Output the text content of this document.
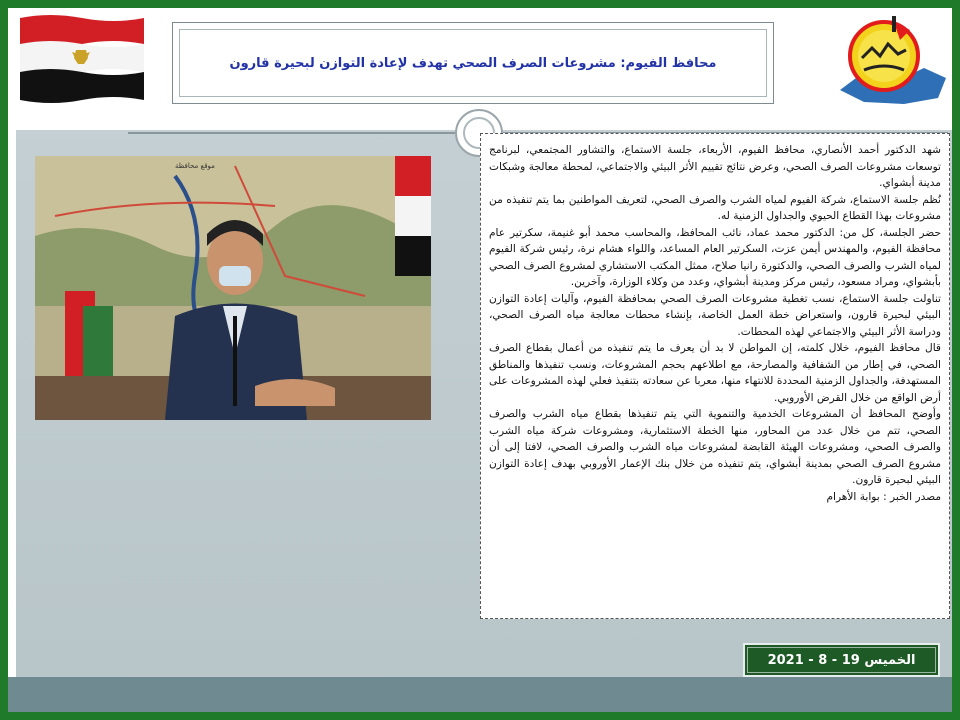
محافظ الفيوم: مشروعات الصرف الصحي تهدف لإعادة التوازن لبحيرة قارون
موقع محافظة

شهد الدكتور أحمد الأنصاري، محافظ الفيوم، الأربعاء، جلسة الاستماع، والتشاور المجتمعي، لبرنامج توسعات مشروعات الصرف الصحي، وعرض نتائج تقييم الأثر البيئي والاجتماعي، لمحطة معالجة وشبكات مدينة أبشواي.

نُظم جلسة الاستماع، شركة الفيوم لمياه الشرب والصرف الصحي، لتعريف المواطنين بما يتم تنفيذه من مشروعات بهذا القطاع الحيوي والجداول الزمنية له.

حضر الجلسة، كل من: الدكتور محمد عماد، نائب المحافظ، والمحاسب محمد أبو غنيمة، سكرتير عام محافظة الفيوم، والمهندس أيمن عزت، السكرتير العام المساعد، واللواء هشام نرة، رئيس شركة الفيوم لمياه الشرب والصرف الصحي، والدكتورة رانيا صلاح، ممثل المكتب الاستشاري لمشروع الصرف الصحي بأبشواي، ومراد مسعود، رئيس مركز ومدينة أبشواي، وعدد من وكلاء الوزارة، وآخرين.

تناولت جلسة الاستماع، نسب تغطية مشروعات الصرف الصحي بمحافظة الفيوم، وآليات إعادة التوازن البيئي لبحيرة قارون، واستعراض خطة العمل الخاصة، بإنشاء محطات معالجة مياه الصرف الصحي، ودراسة الأثر البيئي والاجتماعي لهذه المحطات.

قال محافظ الفيوم، خلال كلمته، إن المواطن لا بد أن يعرف ما يتم تنفيذه من أعمال بقطاع الصرف الصحي، في إطار من الشفافية والمصارحة، مع اطلاعهم بحجم المشروعات، ونسب تنفيذها والمناطق المستهدفة، والجداول الزمنية المحددة للانتهاء منها، معربا عن سعادته بتنفيذ فعلي لهذه المشروعات على أرض الواقع من خلال القرض الأوروبي.

وأوضح المحافظ أن المشروعات الخدمية والتنموية التي يتم تنفيذها بقطاع مياه الشرب والصرف الصحي، تتم من خلال عدد من المحاور، منها الخطة الاستثمارية، ومشروعات شركة مياه الشرب والصرف الصحي، ومشروعات الهيئة القابضة لمشروعات مياه الشرب والصرف الصحي، لافتا إلى أن مشروع الصرف الصحي بمدينة أبشواي، يتم تنفيذه من خلال بنك الإعمار الأوروبي بهدف إعادة التوازن البيئي لبحيرة قارون.

مصدر الخبر : بوابة الأهرام

الخميس 19 - 8 - 2021
